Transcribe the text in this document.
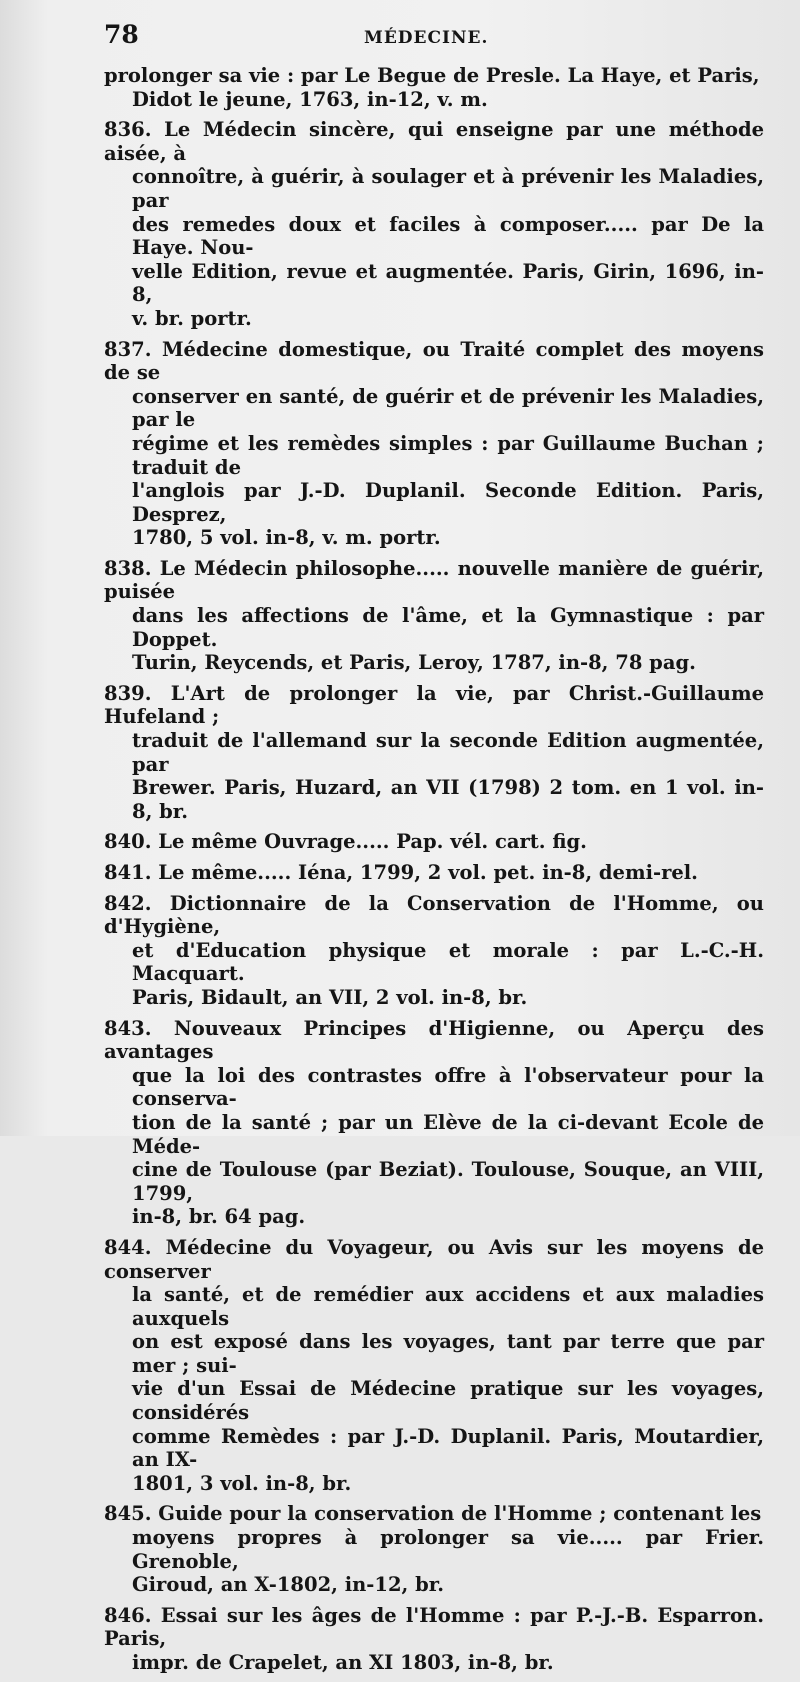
78	MÉDECINE.
prolonger sa vie : par Le Begue de Presle. La Haye, et Paris,
Didot le jeune, 1763, in-12, v. m.
836. Le Médecin sincère, qui enseigne par une méthode aisée, à
connoître, à guérir, à soulager et à prévenir les Maladies, par
des remedes doux et faciles à composer..... par De la Haye. Nou-
velle Edition, revue et augmentée. Paris, Girin, 1696, in-8,
v. br. portr.
837. Médecine domestique, ou Traité complet des moyens de se
conserver en santé, de guérir et de prévenir les Maladies, par le
régime et les remèdes simples : par Guillaume Buchan ; traduit de
l'anglois par J.-D. Duplanil. Seconde Edition. Paris, Desprez,
1780, 5 vol. in-8, v. m. portr.
838. Le Médecin philosophe..... nouvelle manière de guérir, puisée
dans les affections de l'âme, et la Gymnastique : par Doppet.
Turin, Reycends, et Paris, Leroy, 1787, in-8, 78 pag.
839. L'Art de prolonger la vie, par Christ.-Guillaume Hufeland ;
traduit de l'allemand sur la seconde Edition augmentée, par
Brewer. Paris, Huzard, an VII (1798) 2 tom. en 1 vol. in-8, br.
840. Le même Ouvrage..... Pap. vél. cart. fig.
841. Le même..... Iéna, 1799, 2 vol. pet. in-8, demi-rel.
842. Dictionnaire de la Conservation de l'Homme, ou d'Hygiène,
et d'Education physique et morale : par L.-C.-H. Macquart.
Paris, Bidault, an VII, 2 vol. in-8, br.
843. Nouveaux Principes d'Higienne, ou Aperçu des avantages
que la loi des contrastes offre à l'observateur pour la conserva-
tion de la santé ; par un Elève de la ci-devant Ecole de Méde-
cine de Toulouse (par Beziat). Toulouse, Souque, an VIII, 1799,
in-8, br. 64 pag.
844. Médecine du Voyageur, ou Avis sur les moyens de conserver
la santé, et de remédier aux accidens et aux maladies auxquels
on est exposé dans les voyages, tant par terre que par mer ; sui-
vie d'un Essai de Médecine pratique sur les voyages, considérés
comme Remèdes : par J.-D. Duplanil. Paris, Moutardier, an IX-
1801, 3 vol. in-8, br.
845. Guide pour la conservation de l'Homme ; contenant les
moyens propres à prolonger sa vie..... par Frier. Grenoble,
Giroud, an X-1802, in-12, br.
846. Essai sur les âges de l'Homme : par P.-J.-B. Esparron. Paris,
impr. de Crapelet, an XI 1803, in-8, br.
